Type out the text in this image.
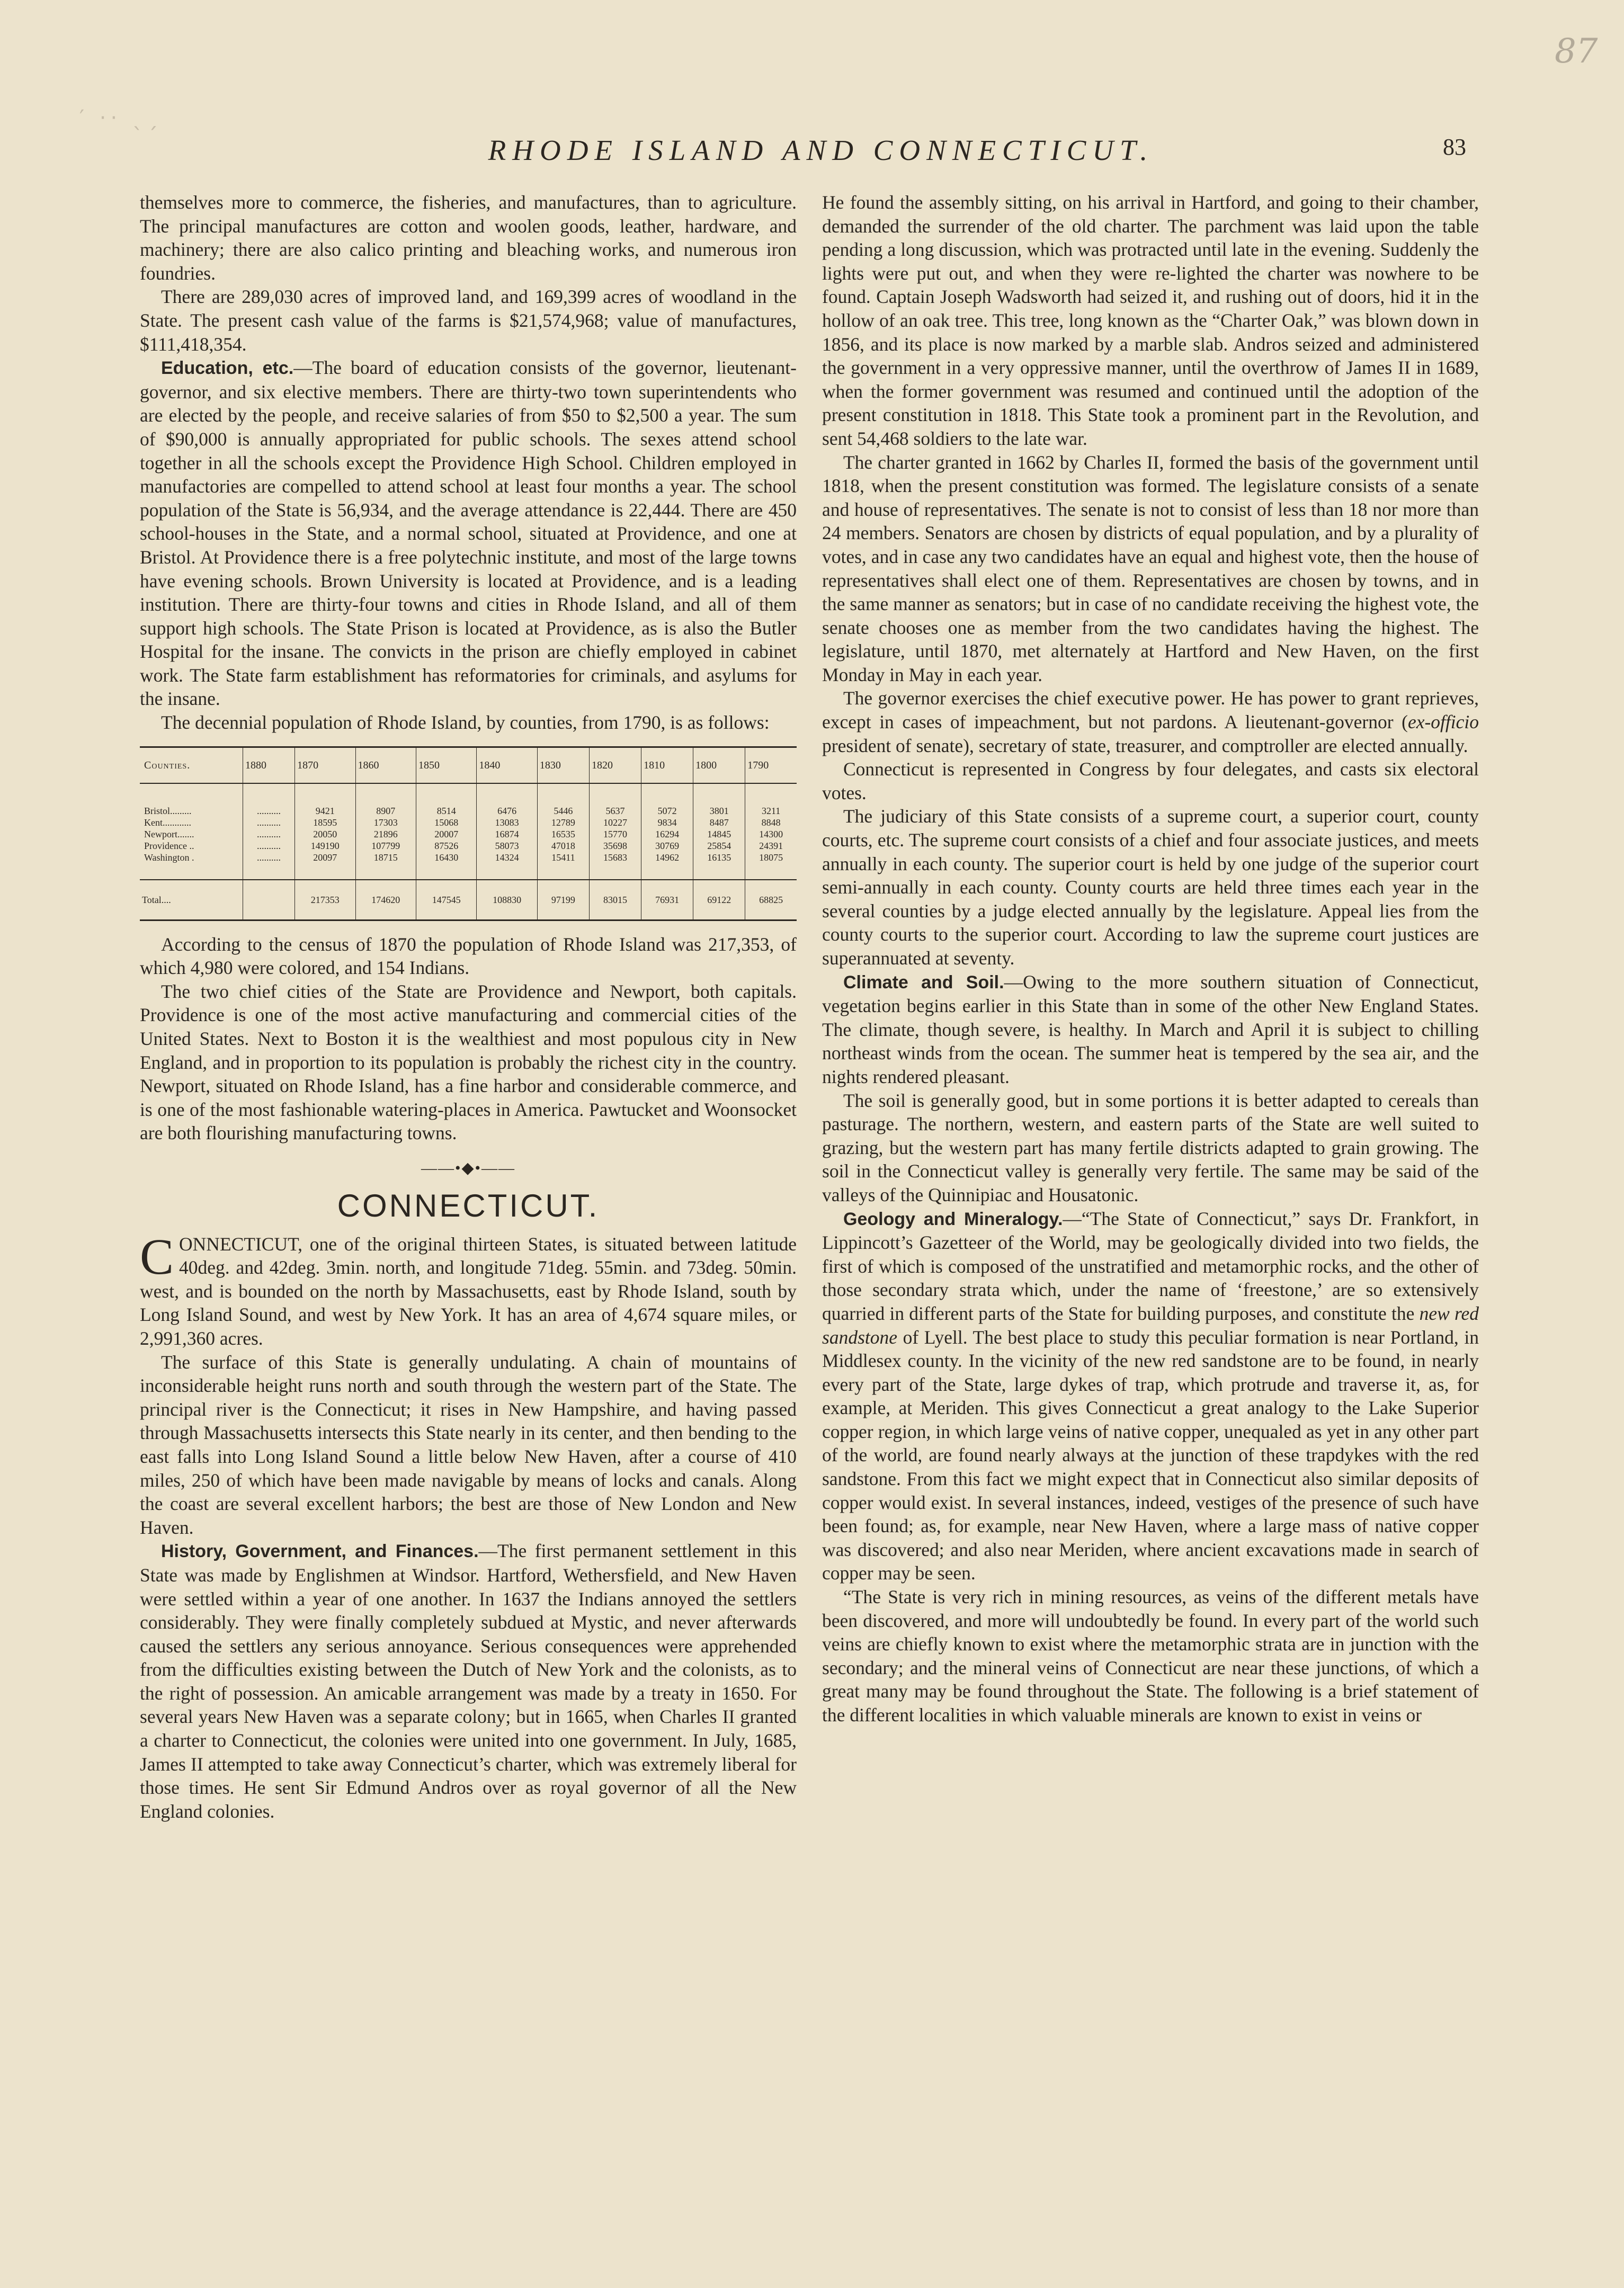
87
′ ·· ˎˏ
RHODE ISLAND AND CONNECTICUT.	83

themselves more to commerce, the fisheries, and manufactures, than to agriculture. The principal manufactures are cotton and woolen goods, leather, hardware, and machinery; there are also calico printing and bleaching works, and numerous iron foundries.

There are 289,030 acres of improved land, and 169,399 acres of woodland in the State. The present cash value of the farms is $21,574,968; value of manufactures, $111,418,354.

Education, etc.—The board of education consists of the governor, lieutenant-governor, and six elective members. There are thirty-two town superintendents who are elected by the people, and receive salaries of from $50 to $2,500 a year. The sum of $90,000 is annually appropriated for public schools. The sexes attend school together in all the schools except the Providence High School. Children employed in manufactories are compelled to attend school at least four months a year. The school population of the State is 56,934, and the average attendance is 22,444. There are 450 school-houses in the State, and a normal school, situated at Providence, and one at Bristol. At Providence there is a free polytechnic institute, and most of the large towns have evening schools. Brown University is located at Providence, and is a leading institution. There are thirty-four towns and cities in Rhode Island, and all of them support high schools. The State Prison is located at Providence, as is also the Butler Hospital for the insane. The convicts in the prison are chiefly employed in cabinet work. The State farm establishment has reformatories for criminals, and asylums for the insane.

The decennial population of Rhode Island, by counties, from 1790, is as follows:

Counties.	1880	1870	1860	1850	1840	1830	1820	1810	1800	1790
Bristol.........	..........	9421	8907	8514	6476	5446	5637	5072	3801	3211
Kent............	..........	18595	17303	15068	13083	12789	10227	9834	8487	8848
Newport.......	..........	20050	21896	20007	16874	16535	15770	16294	14845	14300
Providence ..	..........	149190	107799	87526	58073	47018	35698	30769	25854	24391
Washington .	..........	20097	18715	16430	14324	15411	15683	14962	16135	18075
Total....		217353	174620	147545	108830	97199	83015	76931	69122	68825

According to the census of 1870 the population of Rhode Island was 217,353, of which 4,980 were colored, and 154 Indians.

The two chief cities of the State are Providence and Newport, both capitals. Providence is one of the most active manufacturing and commercial cities of the United States. Next to Boston it is the wealthiest and most populous city in New England, and in proportion to its population is probably the richest city in the country. Newport, situated on Rhode Island, has a fine harbor and considerable commerce, and is one of the most fashionable watering-places in America. Pawtucket and Woonsocket are both flourishing manufacturing towns.

——•◆•——
CONNECTICUT.

CONNECTICUT, one of the original thirteen States, is situated between latitude 40deg. and 42deg. 3min. north, and longitude 71deg. 55min. and 73deg. 50min. west, and is bounded on the north by Massachusetts, east by Rhode Island, south by Long Island Sound, and west by New York. It has an area of 4,674 square miles, or 2,991,360 acres.

The surface of this State is generally undulating. A chain of mountains of inconsiderable height runs north and south through the western part of the State. The principal river is the Connecticut; it rises in New Hampshire, and having passed through Massachusetts intersects this State nearly in its center, and then bending to the east falls into Long Island Sound a little below New Haven, after a course of 410 miles, 250 of which have been made navigable by means of locks and canals. Along the coast are several excellent harbors; the best are those of New London and New Haven.

History, Government, and Finances.—The first permanent settlement in this State was made by Englishmen at Windsor. Hartford, Wethersfield, and New Haven were settled within a year of one another. In 1637 the Indians annoyed the settlers considerably. They were finally completely subdued at Mystic, and never afterwards caused the settlers any serious annoyance. Serious consequences were apprehended from the difficulties existing between the Dutch of New York and the colonists, as to the right of possession. An amicable arrangement was made by a treaty in 1650. For several years New Haven was a separate colony; but in 1665, when Charles II granted a charter to Connecticut, the colonies were united into one government. In July, 1685, James II attempted to take away Connecticut’s charter, which was extremely liberal for those times. He sent Sir Edmund Andros over as royal governor of all the New England colonies.

He found the assembly sitting, on his arrival in Hartford, and going to their chamber, demanded the surrender of the old charter. The parchment was laid upon the table pending a long discussion, which was protracted until late in the evening. Suddenly the lights were put out, and when they were re-lighted the charter was nowhere to be found. Captain Joseph Wadsworth had seized it, and rushing out of doors, hid it in the hollow of an oak tree. This tree, long known as the “Charter Oak,” was blown down in 1856, and its place is now marked by a marble slab. Andros seized and administered the government in a very oppressive manner, until the overthrow of James II in 1689, when the former government was resumed and continued until the adoption of the present constitution in 1818. This State took a prominent part in the Revolution, and sent 54,468 soldiers to the late war.

The charter granted in 1662 by Charles II, formed the basis of the government until 1818, when the present constitution was formed. The legislature consists of a senate and house of representatives. The senate is not to consist of less than 18 nor more than 24 members. Senators are chosen by districts of equal population, and by a plurality of votes, and in case any two candidates have an equal and highest vote, then the house of representatives shall elect one of them. Representatives are chosen by towns, and in the same manner as senators; but in case of no candidate receiving the highest vote, the senate chooses one as member from the two candidates having the highest. The legislature, until 1870, met alternately at Hartford and New Haven, on the first Monday in May in each year.

The governor exercises the chief executive power. He has power to grant reprieves, except in cases of impeachment, but not pardons. A lieutenant-governor (ex-officio president of senate), secretary of state, treasurer, and comptroller are elected annually.

Connecticut is represented in Congress by four delegates, and casts six electoral votes.

The judiciary of this State consists of a supreme court, a superior court, county courts, etc. The supreme court consists of a chief and four associate justices, and meets annually in each county. The superior court is held by one judge of the superior court semi-annually in each county. County courts are held three times each year in the several counties by a judge elected annually by the legislature. Appeal lies from the county courts to the superior court. According to law the supreme court justices are superannuated at seventy.

Climate and Soil.—Owing to the more southern situation of Connecticut, vegetation begins earlier in this State than in some of the other New England States. The climate, though severe, is healthy. In March and April it is subject to chilling northeast winds from the ocean. The summer heat is tempered by the sea air, and the nights rendered pleasant.

The soil is generally good, but in some portions it is better adapted to cereals than pasturage. The northern, western, and eastern parts of the State are well suited to grazing, but the western part has many fertile districts adapted to grain growing. The soil in the Connecticut valley is generally very fertile. The same may be said of the valleys of the Quinnipiac and Housatonic.

Geology and Mineralogy.—“The State of Connecticut,” says Dr. Frankfort, in Lippincott’s Gazetteer of the World, may be geologically divided into two fields, the first of which is composed of the unstratified and metamorphic rocks, and the other of those secondary strata which, under the name of ‘freestone,’ are so extensively quarried in different parts of the State for building purposes, and constitute the new red sandstone of Lyell. The best place to study this peculiar formation is near Portland, in Middlesex county. In the vicinity of the new red sandstone are to be found, in nearly every part of the State, large dykes of trap, which protrude and traverse it, as, for example, at Meriden. This gives Connecticut a great analogy to the Lake Superior copper region, in which large veins of native copper, unequaled as yet in any other part of the world, are found nearly always at the junction of these trapdykes with the red sandstone. From this fact we might expect that in Connecticut also similar deposits of copper would exist. In several instances, indeed, vestiges of the presence of such have been found; as, for example, near New Haven, where a large mass of native copper was discovered; and also near Meriden, where ancient excavations made in search of copper may be seen.

“The State is very rich in mining resources, as veins of the different metals have been discovered, and more will undoubtedly be found. In every part of the world such veins are chiefly known to exist where the metamorphic strata are in junction with the secondary; and the mineral veins of Connecticut are near these junctions, of which a great many may be found throughout the State. The following is a brief statement of the different localities in which valuable minerals are known to exist in veins or
